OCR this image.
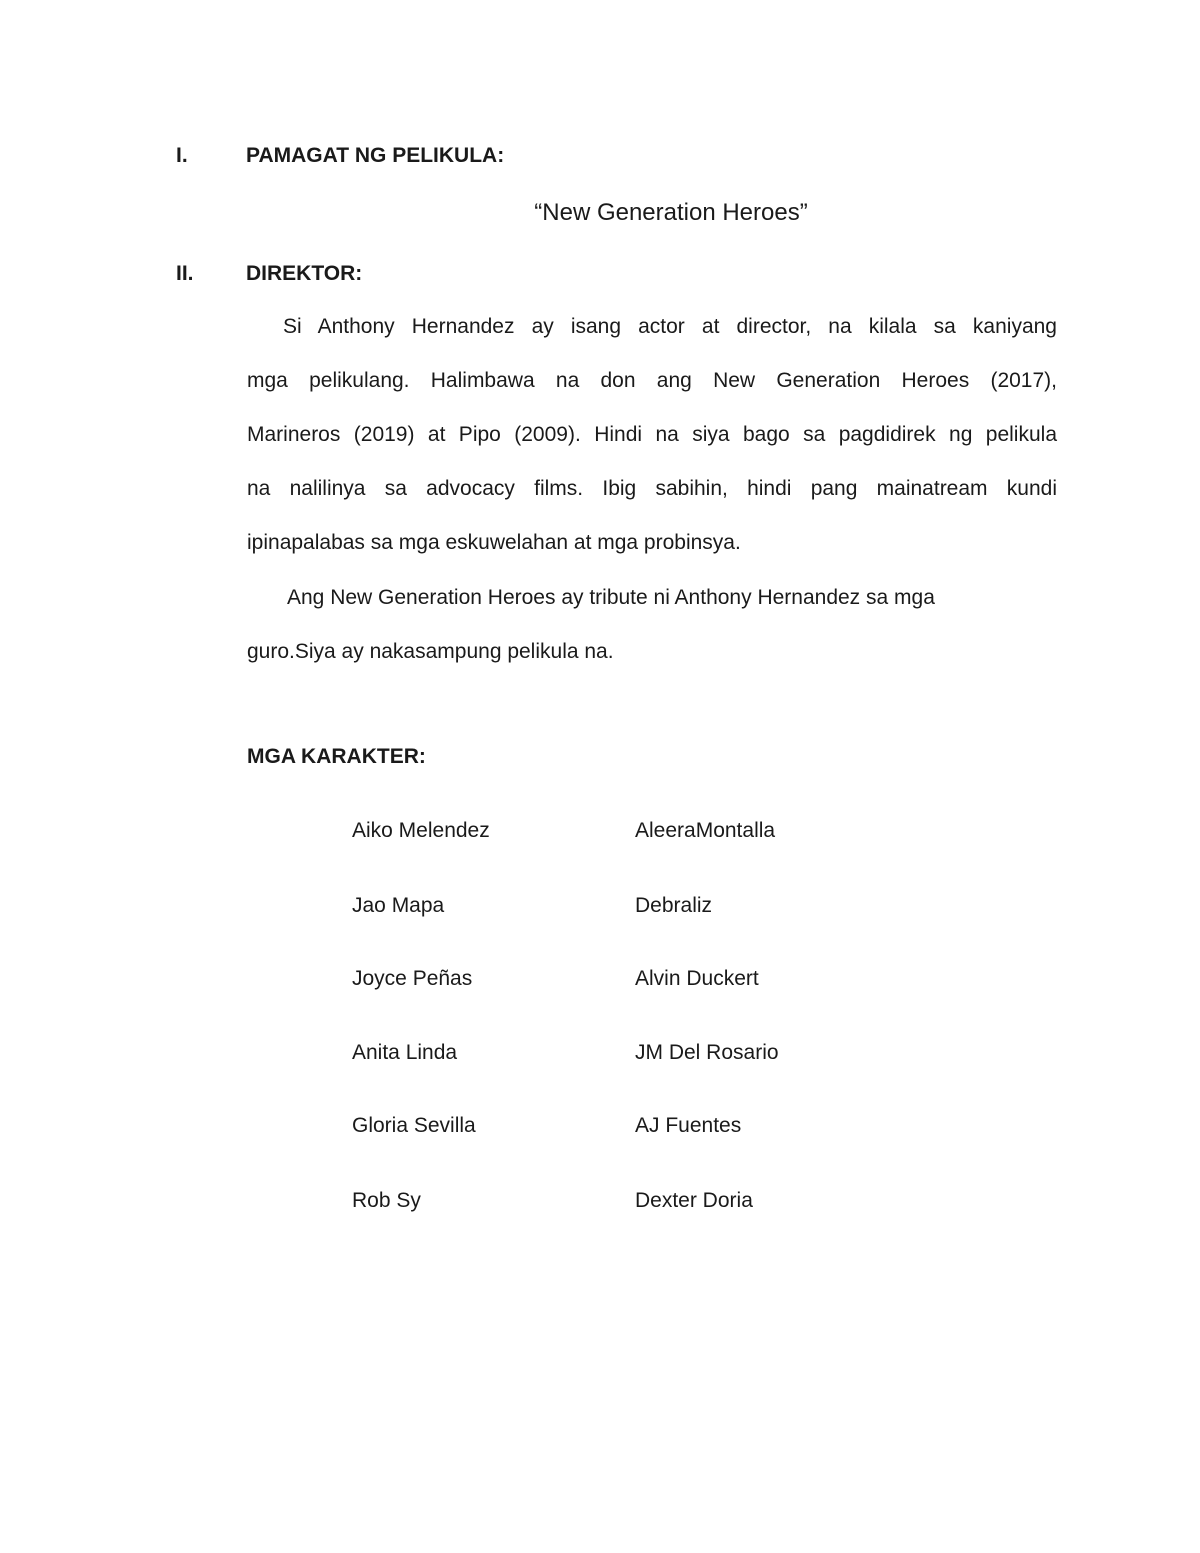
I.	PAMAGAT NG PELIKULA:
“New Generation Heroes”
II. DIREKTOR:
Si Anthony Hernandez ay isang actor at director, na kilala sa kaniyang
mga pelikulang. Halimbawa na don ang New Generation Heroes (2017),
Marineros (2019) at Pipo (2009). Hindi na siya bago sa pagdidirek ng pelikula
na nalilinya sa advocacy films. Ibig sabihin, hindi pang mainatream kundi
ipinapalabas sa mga eskuwelahan at mga probinsya.
Ang New Generation Heroes ay tribute ni Anthony Hernandez sa mga
guro.Siya ay nakasampung pelikula na.
MGA KARAKTER:
Aiko Melendez
Jao Mapa
Joyce Peñas
Anita Linda
Gloria Sevilla
Rob Sy
AleeraMontalla
Debraliz
Alvin Duckert
JM Del Rosario
AJ Fuentes
Dexter Doria
